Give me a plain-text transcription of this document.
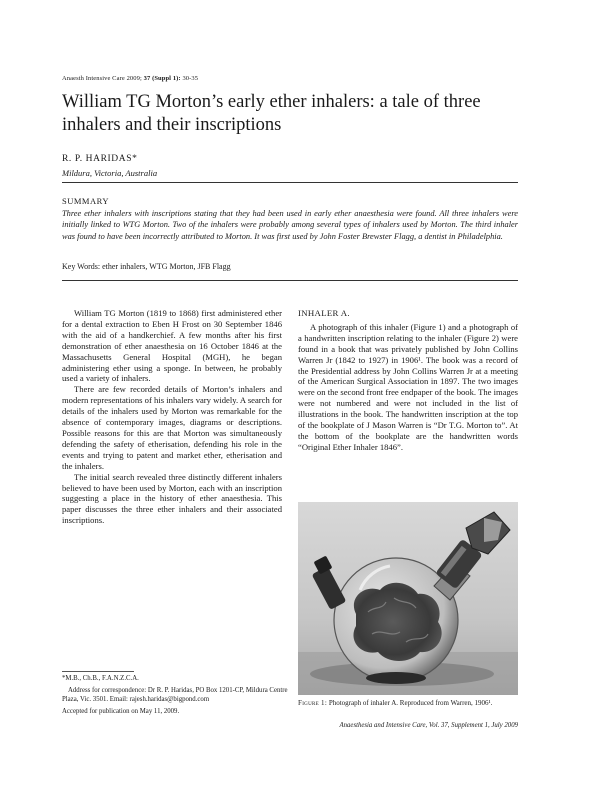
Anaesth Intensive Care 2009; 37 (Suppl 1): 30-35
William TG Morton’s early ether inhalers: a tale of three inhalers and their inscriptions
R. P. HARIDAS*
Mildura, Victoria, Australia
SUMMARY
Three ether inhalers with inscriptions stating that they had been used in early ether anaesthesia were found. All three inhalers were initially linked to WTG Morton. Two of the inhalers were probably among several types of inhalers used by Morton. The third inhaler was found to have been incorrectly attributed to Morton. It was first used by John Foster Brewster Flagg, a dentist in Philadelphia.
Key Words: ether inhalers, WTG Morton, JFB Flagg

William TG Morton (1819 to 1868) first administered ether for a dental extraction to Eben H Frost on 30 September 1846 with the aid of a handkerchief. A few months after his first demonstration of ether anaesthesia on 16 October 1846 at the Massachusetts General Hospital (MGH), he began administering ether using a sponge. In between, he probably used a variety of inhalers.

There are few recorded details of Morton’s inhalers and modern representations of his inhalers vary widely. A search for details of the inhalers used by Morton was remarkable for the absence of contemporary images, diagrams or descriptions. Possible reasons for this are that Morton was simultaneously defending the safety of etherisation, defending his role in the events and trying to patent and market ether, etherisation and the inhalers.

The initial search revealed three distinctly different inhalers believed to have been used by Morton, each with an inscription suggesting a place in the history of ether anaesthesia. This paper discusses the three ether inhalers and their associated inscriptions.

INHALER A.

A photograph of this inhaler (Figure 1) and a photograph of a handwritten inscription relating to the inhaler (Figure 2) were found in a book that was privately published by John Collins Warren Jr (1842 to 1927) in 1906¹. The book was a record of the Presidential address by John Collins Warren Jr at a meeting of the American Surgical Association in 1897. The two images were on the second front free endpaper of the book. The images were not numbered and were not included in the list of illustrations in the book. The handwritten inscription at the top of the bookplate of J Mason Warren is “Dr T.G. Morton to”. At the bottom of the bookplate are the handwritten words “Original Ether Inhaler 1846”.

Figure 1: Photograph of inhaler A. Reproduced from Warren, 1906¹.
*M.B., Ch.B., F.A.N.Z.C.A.
Address for correspondence: Dr R. P. Haridas, PO Box 1201-CP, Mildura Centre Plaza, Vic. 3501. Email: rajesh.haridas@bigpond.com
Accepted for publication on May 11, 2009.
Anaesthesia and Intensive Care, Vol. 37, Supplement 1, July 2009
